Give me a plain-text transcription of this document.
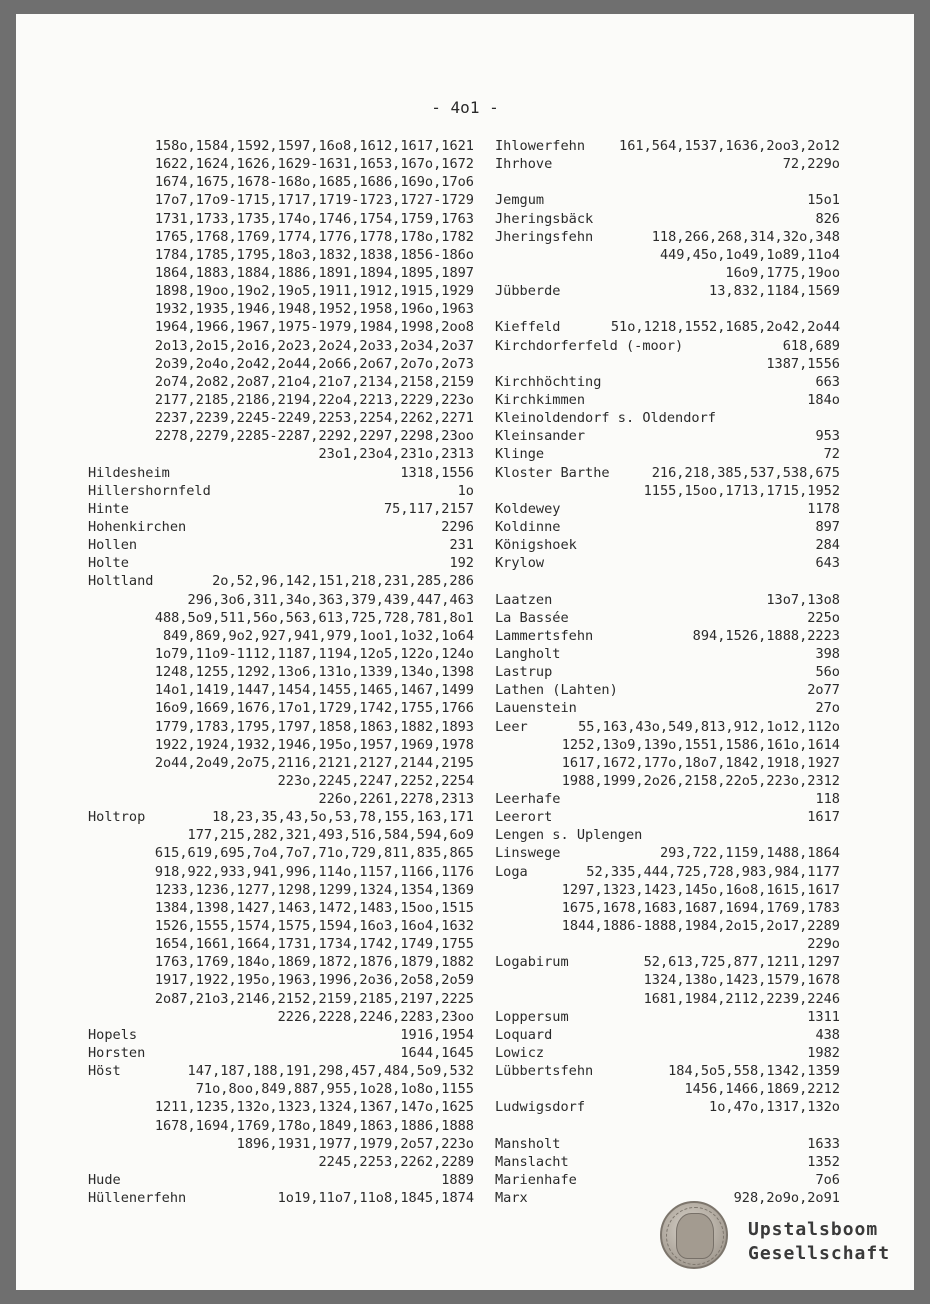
- 4o1 -
158o,1584,1592,1597,16o8,1612,1617,1621
1622,1624,1626,1629-1631,1653,167o,1672
1674,1675,1678-168o,1685,1686,169o,17o6
17o7,17o9-1715,1717,1719-1723,1727-1729
1731,1733,1735,174o,1746,1754,1759,1763
1765,1768,1769,1774,1776,1778,178o,1782
1784,1785,1795,18o3,1832,1838,1856-186o
1864,1883,1884,1886,1891,1894,1895,1897
1898,19oo,19o2,19o5,1911,1912,1915,1929
1932,1935,1946,1948,1952,1958,196o,1963
1964,1966,1967,1975-1979,1984,1998,2oo8
2o13,2o15,2o16,2o23,2o24,2o33,2o34,2o37
2o39,2o4o,2o42,2o44,2o66,2o67,2o7o,2o73
2o74,2o82,2o87,21o4,21o7,2134,2158,2159
2177,2185,2186,2194,22o4,2213,2229,223o
2237,2239,2245-2249,2253,2254,2262,2271
2278,2279,2285-2287,2292,2297,2298,23oo
23o1,23o4,231o,2313
Hildesheim	1318,1556
Hillershornfeld	1o
Hinte	75,117,2157
Hohenkirchen	2296
Hollen	231
Holte	192
Holtland	2o,52,96,142,151,218,231,285,286
296,3o6,311,34o,363,379,439,447,463
488,5o9,511,56o,563,613,725,728,781,8o1
849,869,9o2,927,941,979,1oo1,1o32,1o64
1o79,11o9-1112,1187,1194,12o5,122o,124o
1248,1255,1292,13o6,131o,1339,134o,1398
14o1,1419,1447,1454,1455,1465,1467,1499
16o9,1669,1676,17o1,1729,1742,1755,1766
1779,1783,1795,1797,1858,1863,1882,1893
1922,1924,1932,1946,195o,1957,1969,1978
2o44,2o49,2o75,2116,2121,2127,2144,2195
223o,2245,2247,2252,2254
226o,2261,2278,2313
Holtrop	18,23,35,43,5o,53,78,155,163,171
177,215,282,321,493,516,584,594,6o9
615,619,695,7o4,7o7,71o,729,811,835,865
918,922,933,941,996,114o,1157,1166,1176
1233,1236,1277,1298,1299,1324,1354,1369
1384,1398,1427,1463,1472,1483,15oo,1515
1526,1555,1574,1575,1594,16o3,16o4,1632
1654,1661,1664,1731,1734,1742,1749,1755
1763,1769,184o,1869,1872,1876,1879,1882
1917,1922,195o,1963,1996,2o36,2o58,2o59
2o87,21o3,2146,2152,2159,2185,2197,2225
2226,2228,2246,2283,23oo
Hopels	1916,1954
Horsten	1644,1645
Höst	147,187,188,191,298,457,484,5o9,532
71o,8oo,849,887,955,1o28,1o8o,1155
1211,1235,132o,1323,1324,1367,147o,1625
1678,1694,1769,178o,1849,1863,1886,1888
1896,1931,1977,1979,2o57,223o
2245,2253,2262,2289
Hude	1889
Hüllenerfehn	1o19,11o7,11o8,1845,1874
Ihlowerfehn 161,564,1537,1636,2oo3,2o12
Ihrhove	72,229o
Jemgum	15o1
Jheringsbäck	826
Jheringsfehn	118,266,268,314,32o,348
449,45o,1o49,1o89,11o4
16o9,1775,19oo
Jübberde	13,832,1184,1569
Kieffeld	51o,1218,1552,1685,2o42,2o44
Kirchdorferfeld (-moor)	618,689
1387,1556
Kirchhöchting	663
Kirchkimmen	184o
Kleinoldendorf s. Oldendorf
Kleinsander	953
Klinge	72
Kloster Barthe	216,218,385,537,538,675
1155,15oo,1713,1715,1952
Koldewey	1178
Koldinne	897
Königshoek	284
Krylow	643
Laatzen	13o7,13o8
La Bassée	225o
Lammertsfehn	894,1526,1888,2223
Langholt	398
Lastrup	56o
Lathen (Lahten)	2o77
Lauenstein	27o
Leer	55,163,43o,549,813,912,1o12,112o
1252,13o9,139o,1551,1586,161o,1614
1617,1672,177o,18o7,1842,1918,1927
1988,1999,2o26,2158,22o5,223o,2312
Leerhafe	118
Leerort	1617
Lengen s. Uplengen
Linswege	293,722,1159,1488,1864
Loga	52,335,444,725,728,983,984,1177
1297,1323,1423,145o,16o8,1615,1617
1675,1678,1683,1687,1694,1769,1783
1844,1886-1888,1984,2o15,2o17,2289
229o
Logabirum	52,613,725,877,1211,1297
1324,138o,1423,1579,1678
1681,1984,2112,2239,2246
Loppersum	1311
Loquard	438
Lowicz	1982
Lübbertsfehn	184,5o5,558,1342,1359
1456,1466,1869,2212
Ludwigsdorf	1o,47o,1317,132o
Mansholt	1633
Manslacht	1352
Marienhafe	7o6
Marx	928,2o9o,2o91
Upstalsboom
Gesellschaft
